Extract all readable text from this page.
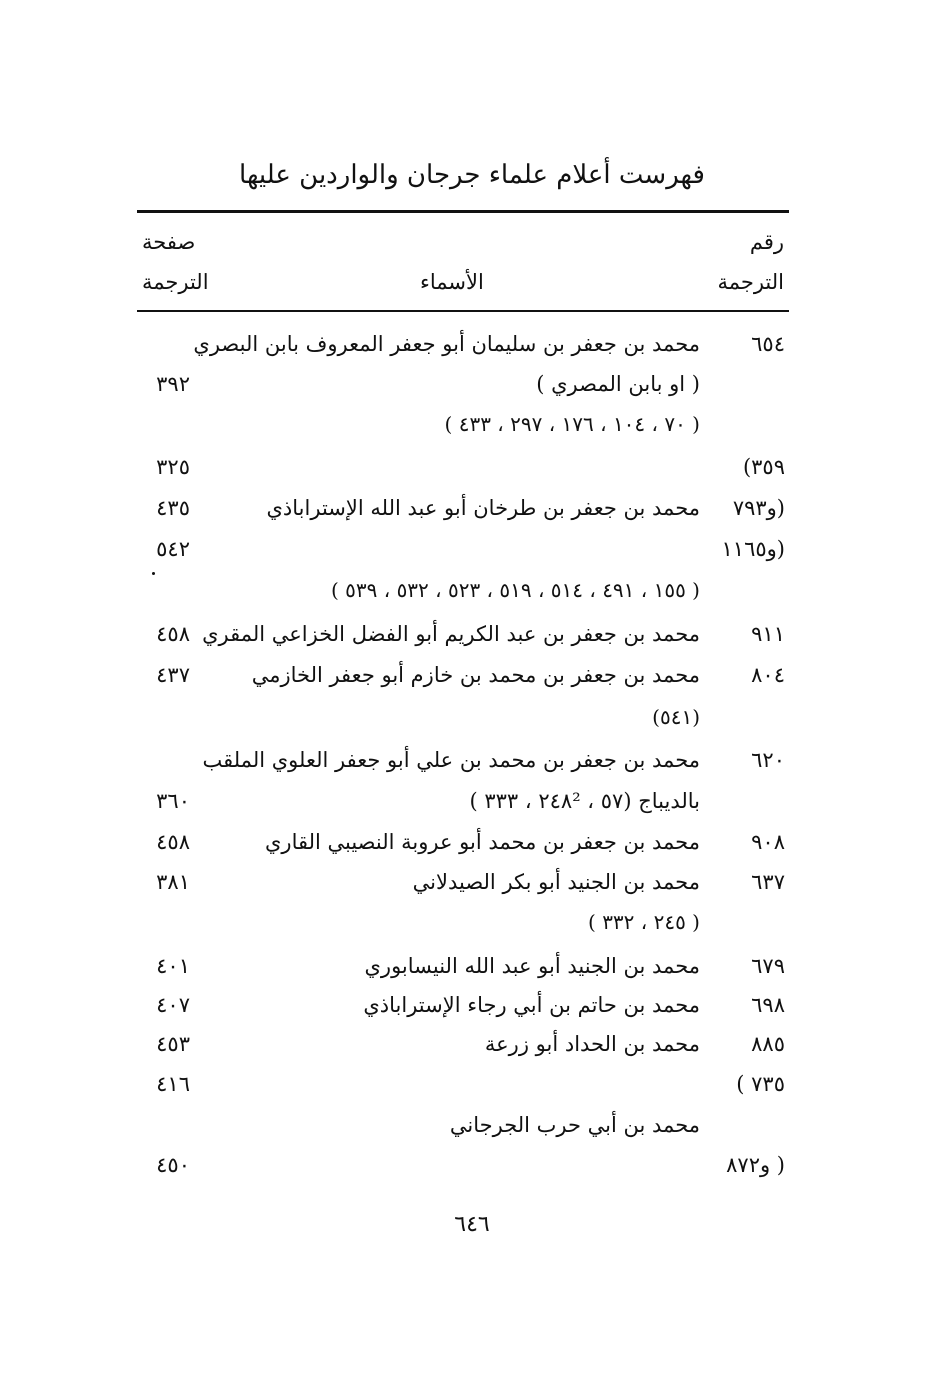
فهرست أعلام علماء جرجان والواردين عليها
رقم
الترجمة
الأسماء
صفحة
الترجمة
٦٥٤
محمد بن جعفر بن سليمان أبو جعفر المعروف بابن البصري
( او بابن المصري )
٣٩٢
( ٧٠ ، ١٠٤ ، ١٧٦ ، ٢٩٧ ، ٤٣٣ )
٣٥٩)
٣٢٥
(و٧٩٣
محمد بن جعفر بن طرخان أبو عبد الله الإستراباذي
٤٣٥
(و١١٦٥
٥٤٢
( ١٥٥ ، ٤٩١ ، ٥١٤ ، ٥١٩ ، ٥٢٣ ، ٥٣٢ ، ٥٣٩ )
٩١١
محمد بن جعفر بن عبد الكريم أبو الفضل الخزاعي المقري
٤٥٨
٨٠٤
محمد بن جعفر بن محمد بن خازم أبو جعفر الخازمي
٤٣٧
(٥٤١)
٦٢٠
محمد بن جعفر بن محمد بن علي أبو جعفر العلوي الملقب
بالديباج (٥٧ ، ٢٤٨² ، ٣٣٣ )
٣٦٠
٩٠٨
محمد بن جعفر بن محمد أبو عروبة النصيبي القاري
٤٥٨
٦٣٧
محمد بن الجنيد أبو بكر الصيدلاني
٣٨١
( ٢٤٥ ، ٣٣٢ )
٦٧٩
محمد بن الجنيد أبو عبد الله النيسابوري
٤٠١
٦٩٨
محمد بن حاتم بن أبي رجاء الإستراباذي
٤٠٧
٨٨٥
محمد بن الحداد أبو زرعة
٤٥٣
٧٣٥ )
٤١٦
محمد بن أبي حرب الجرجاني
( و٨٧٢
٤٥٠
٦٤٦
